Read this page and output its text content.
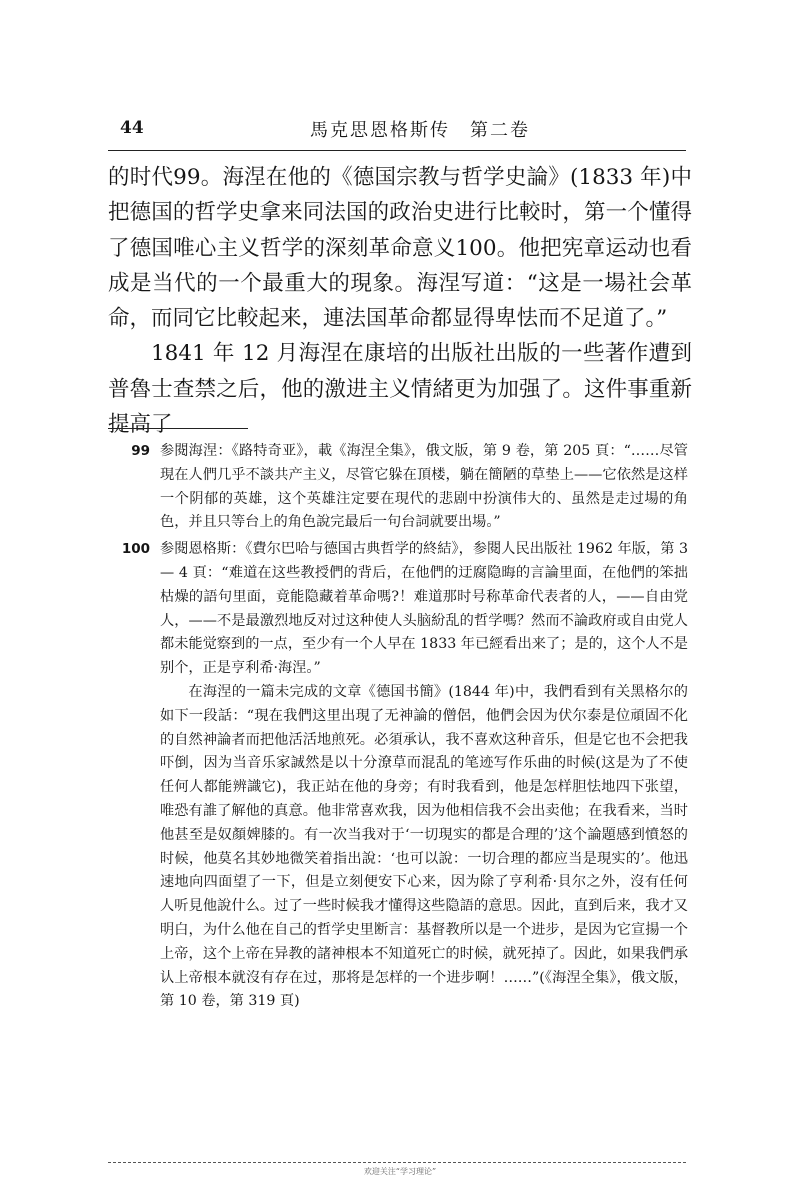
44	馬克思恩格斯传　第二卷

的时代99。海涅在他的《德国宗教与哲学史論》(1833 年)中把德国的哲学史拿来同法国的政治史进行比較时，第一个懂得了德国唯心主义哲学的深刻革命意义100。他把宪章运动也看成是当代的一个最重大的現象。海涅写道：“这是一場社会革命，而同它比較起来，連法国革命都显得卑怯而不足道了。”

1841 年 12 月海涅在康培的出版社出版的一些著作遭到普魯士查禁之后，他的激进主义情緒更为加强了。这件事重新提高了

99 参閱海涅：《路特奇亚》，載《海涅全集》，俄文版，第 9 卷，第 205 頁：“……尽管現在人們几乎不談共产主义，尽管它躲在頂楼，躺在簡陋的草垫上——它依然是这样一个阴郁的英雄，这个英雄注定要在現代的悲剧中扮演伟大的、虽然是走过場的角色，并且只等台上的角色說完最后一句台詞就要出場。”
100 参閱恩格斯：《費尔巴哈与德国古典哲学的終結》，参閱人民出版社 1962 年版，第 3 — 4 頁：“难道在这些教授們的背后，在他們的迂腐隐晦的言論里面，在他們的笨拙枯燥的語句里面，竟能隐藏着革命嗎?！难道那时号称革命代表者的人，——自由党人，——不是最激烈地反对过这种使人头脑紛乱的哲学嗎？然而不論政府或自由党人都未能觉察到的一点，至少有一个人早在 1833 年已經看出来了；是的，这个人不是别个，正是亨利希·海涅。”
在海涅的一篇未完成的文章《德国书簡》(1844 年)中，我們看到有关黑格尔的如下一段話：“現在我們这里出現了无神論的僧侶，他們会因为伏尔泰是位頑固不化的自然神論者而把他活活地煎死。必須承认，我不喜欢这种音乐，但是它也不会把我吓倒，因为当音乐家誠然是以十分潦草而混乱的笔迹写作乐曲的时候(这是为了不使任何人都能辨識它)，我正站在他的身旁；有时我看到，他是怎样胆怯地四下张望，唯恐有誰了解他的真意。他非常喜欢我，因为他相信我不会出卖他；在我看来，当时他甚至是奴顏婢膝的。有一次当我对于‘一切現实的都是合理的’这个論題感到憤怒的时候，他莫名其妙地微笑着指出說：‘也可以說：一切合理的都应当是現实的’。他迅速地向四面望了一下，但是立刻便安下心来，因为除了亨利希·貝尔之外，沒有任何人听見他說什么。过了一些时候我才懂得这些隐語的意思。因此，直到后来，我才又明白，为什么他在自己的哲学史里断言：基督教所以是一个进步，是因为它宣揚一个上帝，这个上帝在异教的諸神根本不知道死亡的时候，就死掉了。因此，如果我們承认上帝根本就沒有存在过，那将是怎样的一个进步啊！……”(《海涅全集》，俄文版，第 10 卷，第 319 頁)
欢迎关注“学习理论”
